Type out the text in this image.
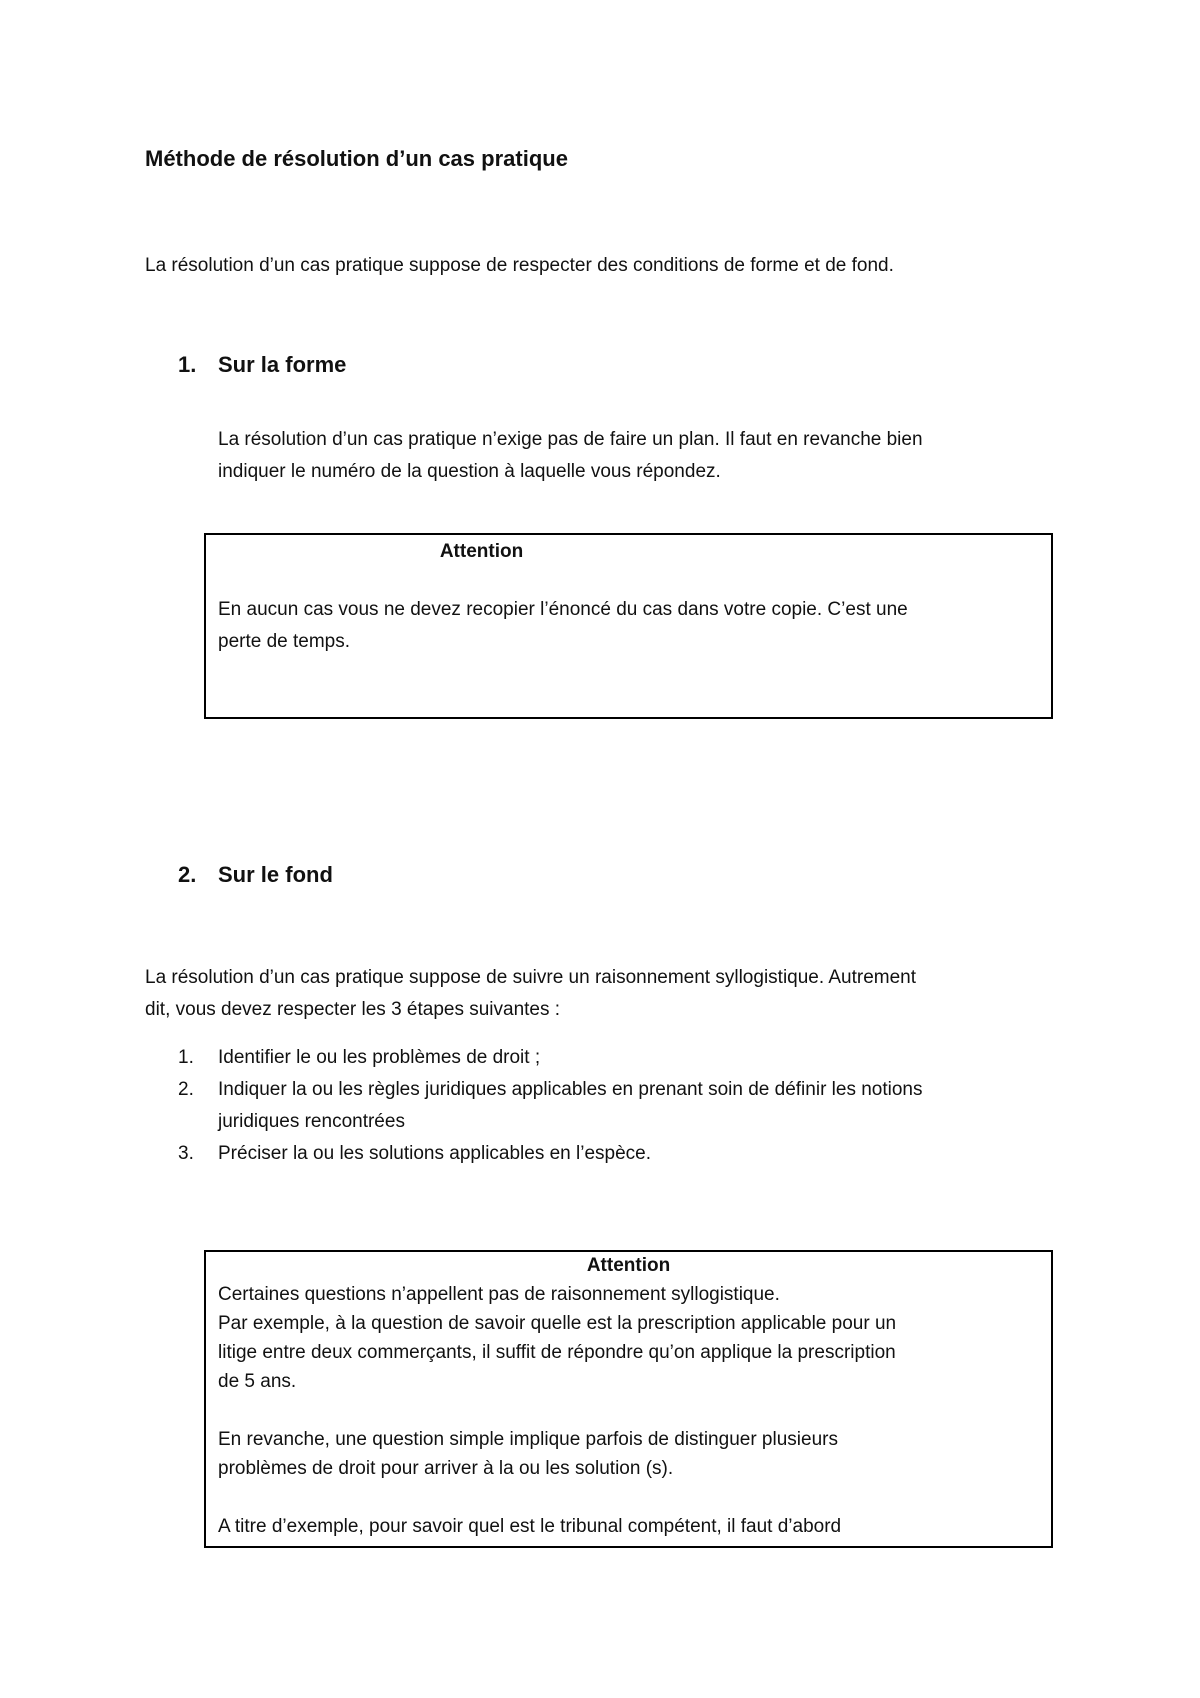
Méthode de résolution d’un cas pratique
La résolution d’un cas pratique suppose de respecter des conditions de forme et de fond.
1. Sur la forme
La résolution d’un cas pratique n’exige pas de faire un plan. Il faut en revanche bien
indiquer le numéro de la question à laquelle vous répondez.
Attention
En aucun cas vous ne devez recopier l’énoncé du cas dans votre copie. C’est une
perte de temps.
2. Sur le fond
La résolution d’un cas pratique suppose de suivre un raisonnement syllogistique. Autrement
dit, vous devez respecter les 3 étapes suivantes :
1. Identifier le ou les problèmes de droit ;
2. Indiquer la ou les règles juridiques applicables en prenant soin de définir les notions
juridiques rencontrées
3. Préciser la ou les solutions applicables en l’espèce.
Attention
Certaines questions n’appellent pas de raisonnement syllogistique.
Par exemple, à la question de savoir quelle est la prescription applicable pour un
litige entre deux commerçants, il suffit de répondre qu’on applique la prescription
de 5 ans.
En revanche, une question simple implique parfois de distinguer plusieurs
problèmes de droit pour arriver à la ou les solution (s).
A titre d’exemple, pour savoir quel est le tribunal compétent, il faut d’abord
